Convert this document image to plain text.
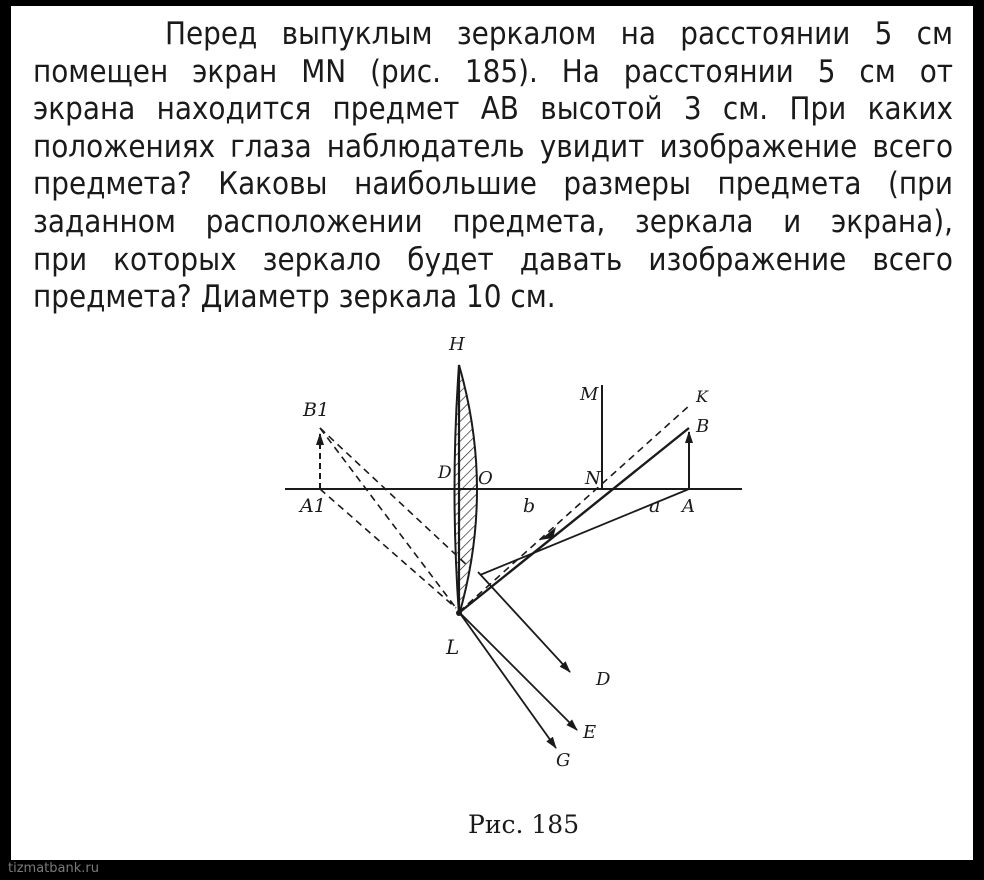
Перед выпуклым зеркалом на расстоянии 5 см
помещен экран MN (рис. 185). На расстоянии 5 см от
экрана находится предмет AB высотой 3 см. При каких
положениях глаза наблюдатель увидит изображение всего
предмета? Каковы наибольшие размеры предмета (при
заданном расположении предмета, зеркала и экрана),
при которых зеркало будет давать изображение всего
предмета? Диаметр зеркала 10 см.

H
D O
L
B1
A1	b	a
M
N
K
B
A
D
E
G

Рис. 185

tizmatbank.ru
